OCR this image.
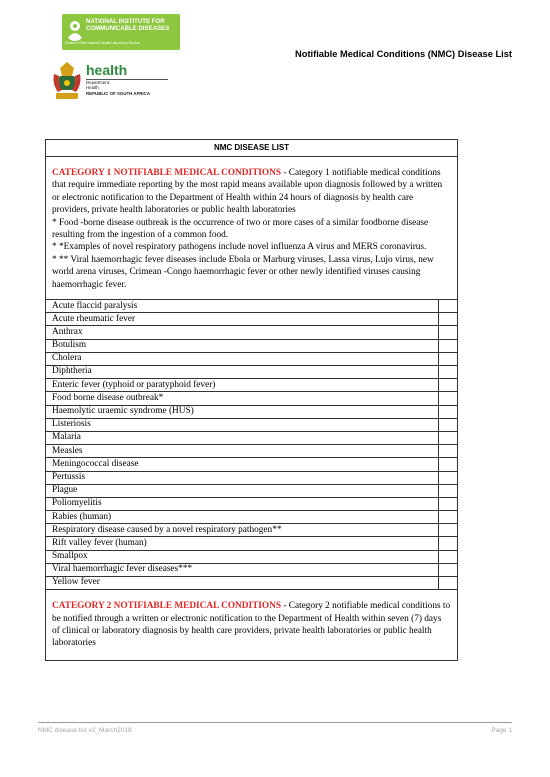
NATIONAL INSTITUTE FOR
COMMUNICABLE DISEASES
Division of the National Health Laboratory Service
Notifiable Medical Conditions (NMC) Disease List
health
Department:
Health
REPUBLIC OF SOUTH AFRICA
NMC DISEASE LIST

CATEGORY 1 NOTIFIABLE MEDICAL CONDITIONS - Category 1 notifiable medical conditions that require immediate reporting by the most rapid means available upon diagnosis followed by a written or electronic notification to the Department of Health within 24 hours of diagnosis by health care providers, private health laboratories or public health laboratories

* Food -borne disease outbreak is the occurrence of two or more cases of a similar foodborne disease resulting from the ingestion of a common food.

* *Examples of novel respiratory pathogens include novel influenza A virus and MERS coronavirus.

* ** Viral haemorrhagic fever diseases include Ebola or Marburg viruses, Lassa virus, Lujo virus, new world arena viruses, Crimean -Congo haemorrhagic fever or other newly identified viruses causing haemorrhagic fever.

Acute flaccid paralysis	
Acute rheumatic fever	
Anthrax	
Botulism	
Cholera	
Diphtheria	
Enteric fever (typhoid or paratyphoid fever)	
Food borne disease outbreak*	
Haemolytic uraemic syndrome (HUS)	
Listeriosis	
Malaria	
Measles	
Meningococcal disease	
Pertussis	
Plague	
Poliomyelitis	
Rabies (human)	
Respiratory disease caused by a novel respiratory pathogen**	
Rift valley fever (human)	
Smallpox	
Viral haemorrhagic fever diseases***	
Yellow fever	
CATEGORY 2 NOTIFIABLE MEDICAL CONDITIONS - Category 2 notifiable medical conditions to be notified through a written or electronic notification to the Department of Health within seven (7) days of clinical or laboratory diagnosis by health care providers, private health laboratories or public health laboratories
NMC disease list v2_March2018	Page 1
